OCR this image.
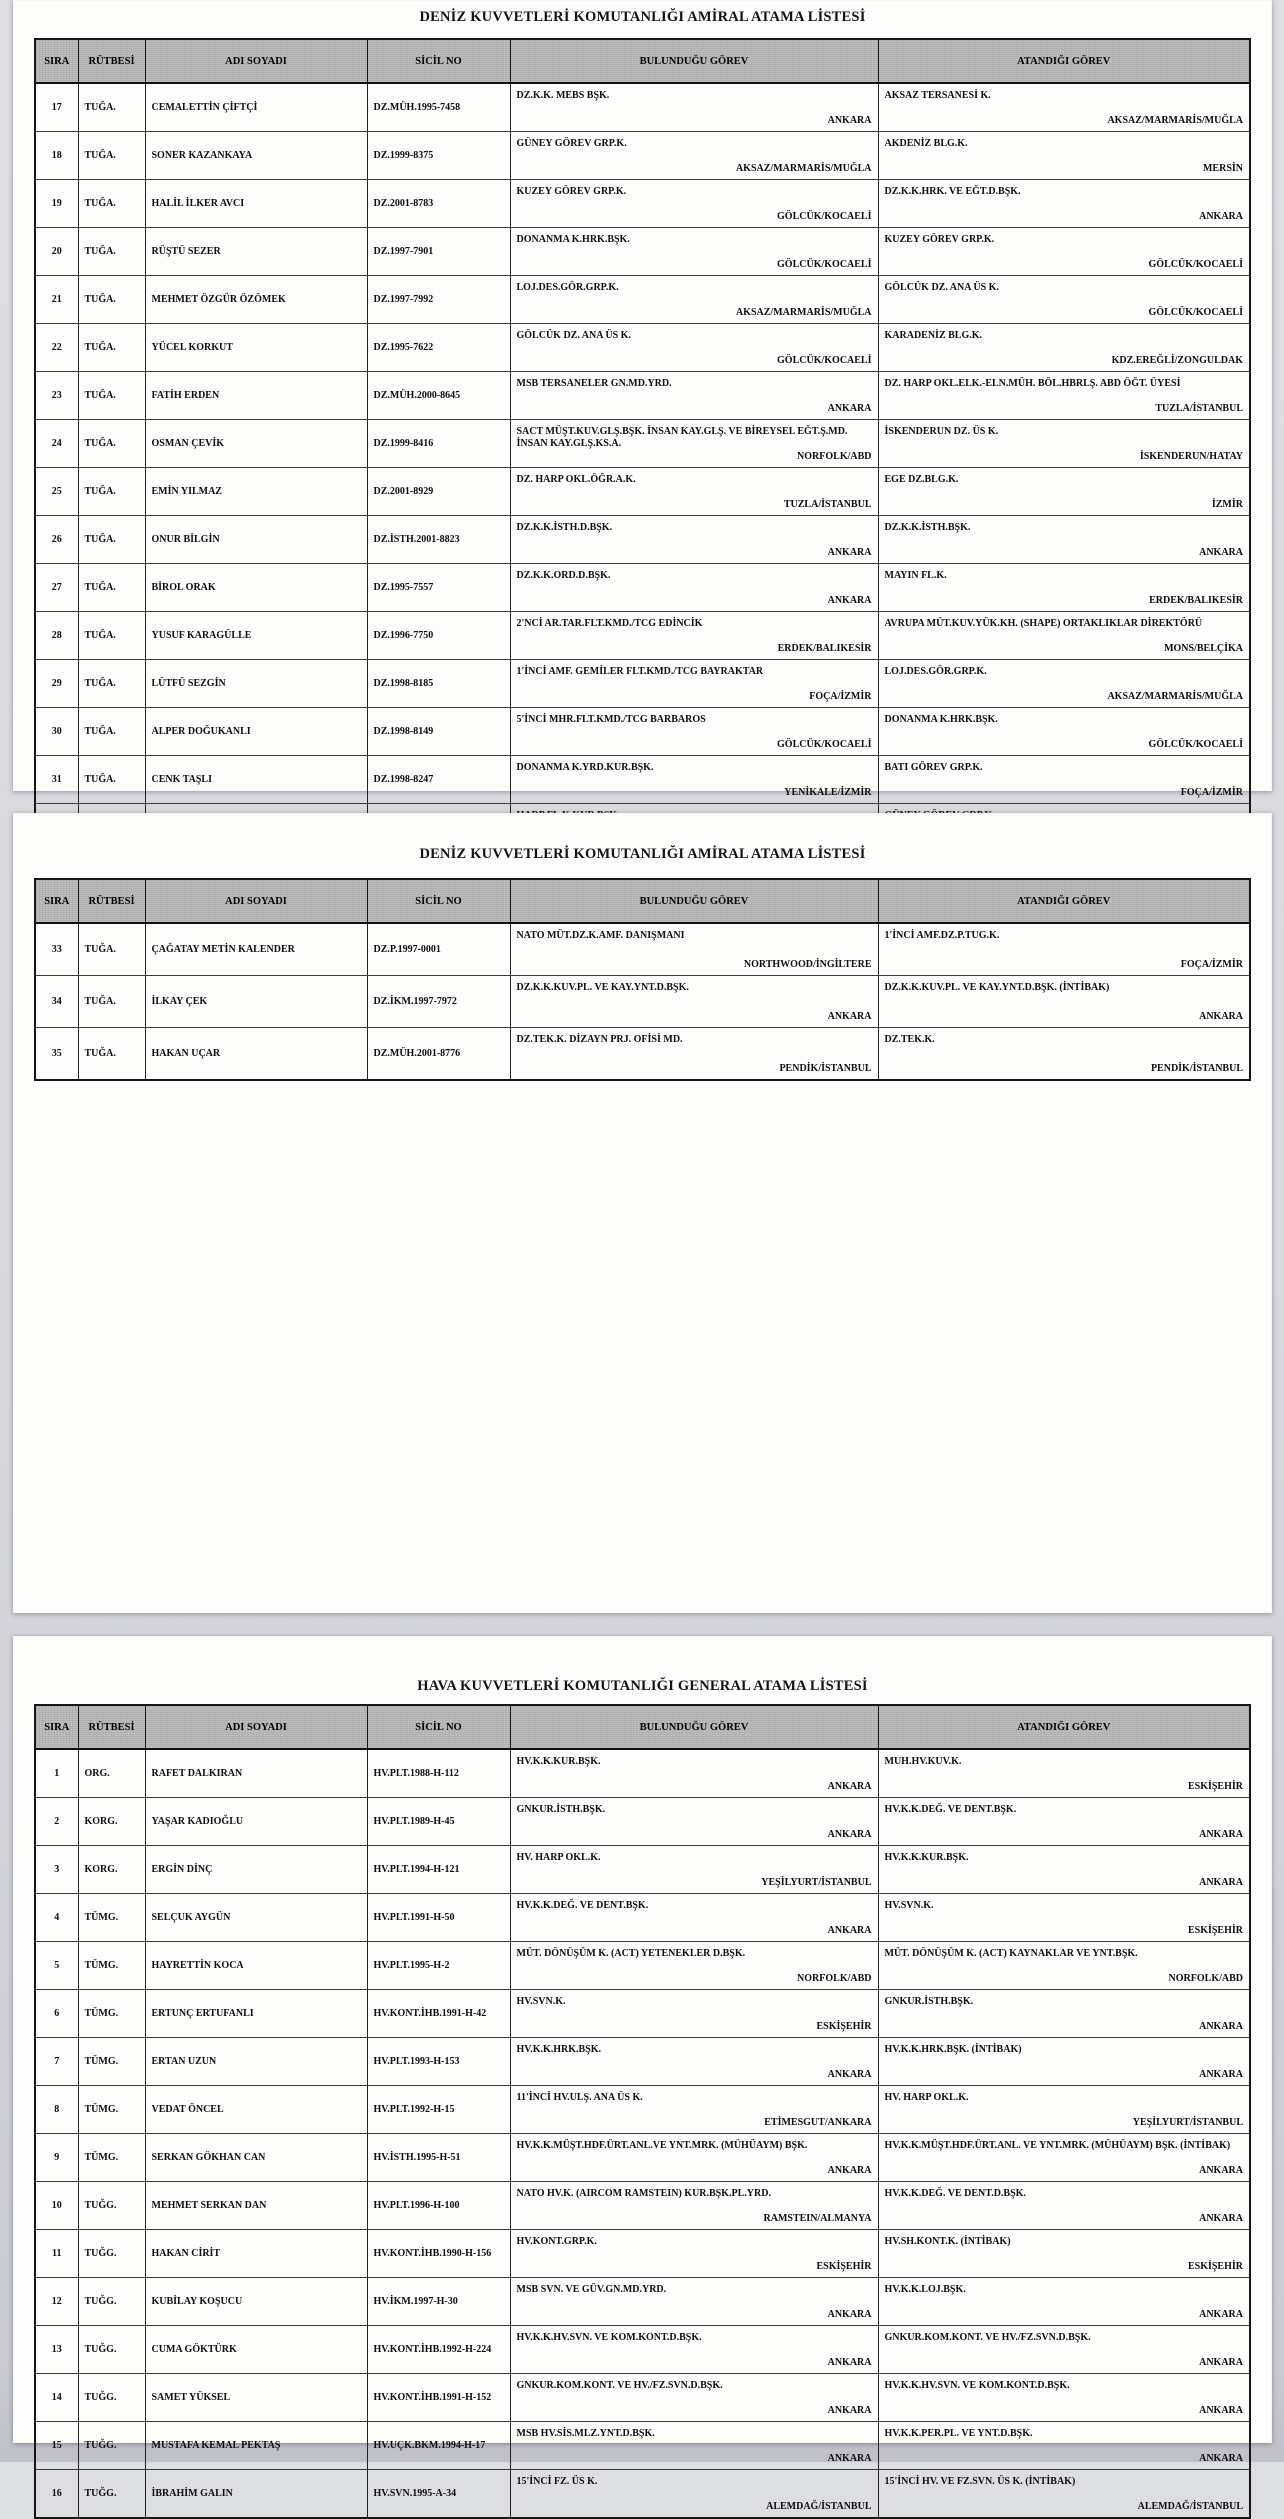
DENİZ KUVVETLERİ KOMUTANLIĞI AMİRAL ATAMA LİSTESİ
SIRA	RÜTBESİ	ADI SOYADI	SİCİL NO	BULUNDUĞU GÖREV	ATANDIĞI GÖREV
17	TUĞA.	CEMALETTİN ÇİFTÇİ	DZ.MÜH.1995-7458	
DZ.K.K. MEBS BŞK.
ANKARA

AKSAZ TERSANESİ K.
AKSAZ/MARMARİS/MUĞLA

18	TUĞA.	SONER KAZANKAYA	DZ.1999-8375	
GÜNEY GÖREV GRP.K.
AKSAZ/MARMARİS/MUĞLA

AKDENİZ BLG.K.
MERSİN

19	TUĞA.	HALİL İLKER AVCI	DZ.2001-8783	
KUZEY GÖREV GRP.K.
GÖLCÜK/KOCAELİ

DZ.K.K.HRK. VE EĞT.D.BŞK.
ANKARA

20	TUĞA.	RÜŞTÜ SEZER	DZ.1997-7901	
DONANMA K.HRK.BŞK.
GÖLCÜK/KOCAELİ

KUZEY GÖREV GRP.K.
GÖLCÜK/KOCAELİ

21	TUĞA.	MEHMET ÖZGÜR ÖZÖMEK	DZ.1997-7992	
LOJ.DES.GÖR.GRP.K.
AKSAZ/MARMARİS/MUĞLA

GÖLCÜK DZ. ANA ÜS K.
GÖLCÜK/KOCAELİ

22	TUĞA.	YÜCEL KORKUT	DZ.1995-7622	
GÖLCÜK DZ. ANA ÜS K.
GÖLCÜK/KOCAELİ

KARADENİZ BLG.K.
KDZ.EREĞLİ/ZONGULDAK

23	TUĞA.	FATİH ERDEN	DZ.MÜH.2000-8645	
MSB TERSANELER GN.MD.YRD.
ANKARA

DZ. HARP OKL.ELK.-ELN.MÜH. BÖL.HBRLŞ. ABD ÖĞT. ÜYESİ
TUZLA/İSTANBUL

24	TUĞA.	OSMAN ÇEVİK	DZ.1999-8416	
SACT MÜŞT.KUV.GLŞ.BŞK. İNSAN KAY.GLŞ. VE BİREYSEL EĞT.Ş.MD. İNSAN KAY.GLŞ.KS.A.
NORFOLK/ABD

İSKENDERUN DZ. ÜS K.
İSKENDERUN/HATAY

25	TUĞA.	EMİN YILMAZ	DZ.2001-8929	
DZ. HARP OKL.ÖĞR.A.K.
TUZLA/İSTANBUL

EGE DZ.BLG.K.
İZMİR

26	TUĞA.	ONUR BİLGİN	DZ.İSTH.2001-8823	
DZ.K.K.İSTH.D.BŞK.
ANKARA

DZ.K.K.İSTH.BŞK.
ANKARA

27	TUĞA.	BİROL ORAK	DZ.1995-7557	
DZ.K.K.ORD.D.BŞK.
ANKARA

MAYIN FL.K.
ERDEK/BALIKESİR

28	TUĞA.	YUSUF KARAGÜLLE	DZ.1996-7750	
2'NCİ AR.TAR.FLT.KMD./TCG EDİNCİK
ERDEK/BALIKESİR

AVRUPA MÜT.KUV.YÜK.KH. (SHAPE) ORTAKLIKLAR DİREKTÖRÜ
MONS/BELÇİKA

29	TUĞA.	LÜTFÜ SEZGİN	DZ.1998-8185	
1'İNCİ AMF. GEMİLER FLT.KMD./TCG BAYRAKTAR
FOÇA/İZMİR

LOJ.DES.GÖR.GRP.K.
AKSAZ/MARMARİS/MUĞLA

30	TUĞA.	ALPER DOĞUKANLI	DZ.1998-8149	
5'İNCİ MHR.FLT.KMD./TCG BARBAROS
GÖLCÜK/KOCAELİ

DONANMA K.HRK.BŞK.
GÖLCÜK/KOCAELİ

31	TUĞA.	CENK TAŞLI	DZ.1998-8247	
DONANMA K.YRD.KUR.BŞK.
YENİKALE/İZMİR

BATI GÖREV GRP.K.
FOÇA/İZMİR

DENİZ KUVVETLERİ KOMUTANLIĞI AMİRAL ATAMA LİSTESİ
SIRA	RÜTBESİ	ADI SOYADI	SİCİL NO	BULUNDUĞU GÖREV	ATANDIĞI GÖREV
33	TUĞA.	ÇAĞATAY METİN KALENDER	DZ.P.1997-0001	
NATO MÜT.DZ.K.AMF. DANIŞMANI
NORTHWOOD/İNGİLTERE

1'İNCİ AMF.DZ.P.TUG.K.
FOÇA/İZMİR

34	TUĞA.	İLKAY ÇEK	DZ.İKM.1997-7972	
DZ.K.K.KUV.PL. VE KAY.YNT.D.BŞK.
ANKARA

DZ.K.K.KUV.PL. VE KAY.YNT.D.BŞK. (İNTİBAK)
ANKARA

35	TUĞA.	HAKAN UÇAR	DZ.MÜH.2001-8776	
DZ.TEK.K. DİZAYN PRJ. OFİSİ MD.
PENDİK/İSTANBUL

DZ.TEK.K.
PENDİK/İSTANBUL
HAVA KUVVETLERİ KOMUTANLIĞI GENERAL ATAMA LİSTESİ
SIRA	RÜTBESİ	ADI SOYADI	SİCİL NO	BULUNDUĞU GÖREV	ATANDIĞI GÖREV
1	ORG.	RAFET DALKIRAN	HV.PLT.1988-H-112	
HV.K.K.KUR.BŞK.
ANKARA

MUH.HV.KUV.K.
ESKİŞEHİR

2	KORG.	YAŞAR KADIOĞLU	HV.PLT.1989-H-45	
GNKUR.İSTH.BŞK.
ANKARA

HV.K.K.DEĞ. VE DENT.BŞK.
ANKARA

3	KORG.	ERGİN DİNÇ	HV.PLT.1994-H-121	
HV. HARP OKL.K.
YEŞİLYURT/İSTANBUL

HV.K.K.KUR.BŞK.
ANKARA

4	TÜMG.	SELÇUK AYGÜN	HV.PLT.1991-H-50	
HV.K.K.DEĞ. VE DENT.BŞK.
ANKARA

HV.SVN.K.
ESKİŞEHİR

5	TÜMG.	HAYRETTİN KOCA	HV.PLT.1995-H-2	
MÜT. DÖNÜŞÜM K. (ACT) YETENEKLER D.BŞK.
NORFOLK/ABD

MÜT. DÖNÜŞÜM K. (ACT) KAYNAKLAR VE YNT.BŞK.
NORFOLK/ABD

6	TÜMG.	ERTUNÇ ERTUFANLI	HV.KONT.İHB.1991-H-42	
HV.SVN.K.
ESKİŞEHİR

GNKUR.İSTH.BŞK.
ANKARA

7	TÜMG.	ERTAN UZUN	HV.PLT.1993-H-153	
HV.K.K.HRK.BŞK.
ANKARA

HV.K.K.HRK.BŞK. (İNTİBAK)
ANKARA

8	TÜMG.	VEDAT ÖNCEL	HV.PLT.1992-H-15	
11'İNCİ HV.ULŞ. ANA ÜS K.
ETİMESGUT/ANKARA

HV. HARP OKL.K.
YEŞİLYURT/İSTANBUL

9	TÜMG.	SERKAN GÖKHAN CAN	HV.İSTH.1995-H-51	
HV.K.K.MÜŞT.HDF.ÜRT.ANL.VE YNT.MRK. (MÜHÜAYM) BŞK.
ANKARA

HV.K.K.MÜŞT.HDF.ÜRT.ANL. VE YNT.MRK. (MÜHÜAYM) BŞK. (İNTİBAK)
ANKARA

10	TUĞG.	MEHMET SERKAN DAN	HV.PLT.1996-H-100	
NATO HV.K. (AIRCOM RAMSTEIN) KUR.BŞK.PL.YRD.
RAMSTEIN/ALMANYA

HV.K.K.DEĞ. VE DENT.D.BŞK.
ANKARA

11	TUĞG.	HAKAN CİRİT	HV.KONT.İHB.1990-H-156	
HV.KONT.GRP.K.
ESKİŞEHİR

HV.SH.KONT.K. (İNTİBAK)
ESKİŞEHİR

12	TUĞG.	KUBİLAY KOŞUCU	HV.İKM.1997-H-30	
MSB SVN. VE GÜV.GN.MD.YRD.
ANKARA

HV.K.K.LOJ.BŞK.
ANKARA

13	TUĞG.	CUMA GÖKTÜRK	HV.KONT.İHB.1992-H-224	
HV.K.K.HV.SVN. VE KOM.KONT.D.BŞK.
ANKARA

GNKUR.KOM.KONT. VE HV./FZ.SVN.D.BŞK.
ANKARA

14	TUĞG.	SAMET YÜKSEL	HV.KONT.İHB.1991-H-152	
GNKUR.KOM.KONT. VE HV./FZ.SVN.D.BŞK.
ANKARA

HV.K.K.HV.SVN. VE KOM.KONT.D.BŞK.
ANKARA

15	TUĞG.	MUSTAFA KEMAL PEKTAŞ	HV.UÇK.BKM.1994-H-17	
MSB HV.SİS.MLZ.YNT.D.BŞK.
ANKARA

HV.K.K.PER.PL. VE YNT.D.BŞK.
ANKARA

16	TUĞG.	İBRAHİM GALIN	HV.SVN.1995-A-34	
15'İNCİ FZ. ÜS K.
ALEMDAĞ/İSTANBUL

15'İNCİ HV. VE FZ.SVN. ÜS K. (İNTİBAK)
ALEMDAĞ/İSTANBUL
